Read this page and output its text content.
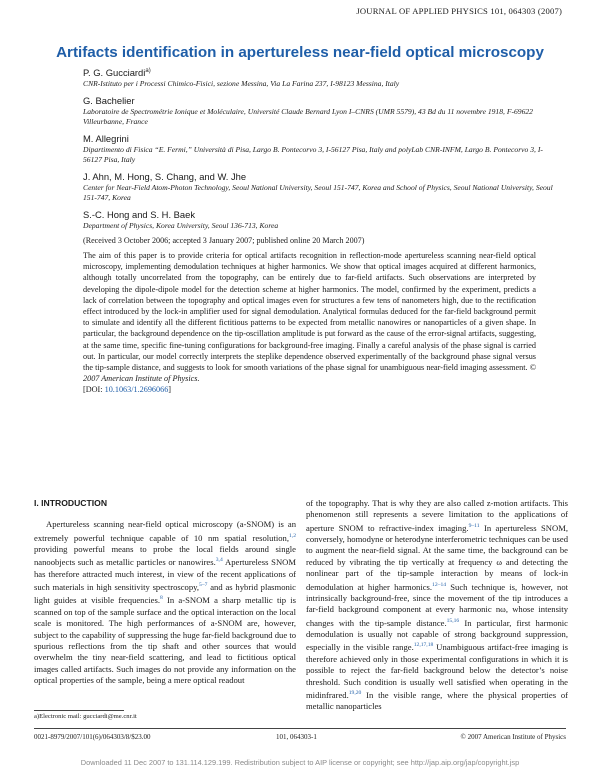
JOURNAL OF APPLIED PHYSICS 101, 064303 (2007)
Artifacts identification in apertureless near-field optical microscopy
P. G. Gucciardi$^{a)}$
CNR-Istituto per i Processi Chimico-Fisici, sezione Messina, Via La Farina 237, I-98123 Messina, Italy
G. Bachelier
Laboratoire de Spectrométrie Ionique et Moléculaire, Université Claude Bernard Lyon I–CNRS (UMR 5579), 43 Bd du 11 novembre 1918, F-69622 Villeurbanne, France
M. Allegrini
Dipartimento di Fisica “E. Fermi,” Università di Pisa, Largo B. Pontecorvo 3, I-56127 Pisa, Italy and polyLab CNR-INFM, Largo B. Pontecorvo 3, I-56127 Pisa, Italy
J. Ahn, M. Hong, S. Chang, and W. Jhe
Center for Near-Field Atom-Photon Technology, Seoul National University, Seoul 151-747, Korea and School of Physics, Seoul National University, Seoul 151-747, Korea
S.-C. Hong and S. H. Baek
Department of Physics, Korea University, Seoul 136-713, Korea
(Received 3 October 2006; accepted 3 January 2007; published online 20 March 2007)

The aim of this paper is to provide criteria for optical artifacts recognition in reflection-mode apertureless scanning near-field optical microscopy, implementing demodulation techniques at higher harmonics. We show that optical images acquired at different harmonics, although totally uncorrelated from the topography, can be entirely due to far-field artifacts. Such observations are interpreted by developing the dipole-dipole model for the detection scheme at higher harmonics. The model, confirmed by the experiment, predicts a lack of correlation between the topography and optical images even for structures a few tens of nanometers high, due to the rectification effect introduced by the lock-in amplifier used for signal demodulation. Analytical formulas deduced for the far-field background permit to simulate and identify all the different fictitious patterns to be expected from metallic nanowires or nanoparticles of a given shape. In particular, the background dependence on the tip-oscillation amplitude is put forward as the cause of the error-signal artifacts, suggesting, at the same time, specific fine-tuning configurations for background-free imaging. Finally a careful analysis of the phase signal is carried out. In particular, our model correctly interprets the steplike dependence observed experimentally of the background phase signal versus the tip-sample distance, and suggests to look for smooth variations of the phase signal for unambiguous near-field imaging assessment. © 2007 American Institute of Physics.

[DOI: 10.1063/1.2696066]
I. INTRODUCTION

Apertureless scanning near-field optical microscopy (a-SNOM) is an extremely powerful technique capable of 10 nm spatial resolution,$^{1,2}$ providing powerful means to probe the local fields around single nanoobjects such as metallic particles or nanowires.$^{3,4}$ Apertureless SNOM has therefore attracted much interest, in view of the recent applications of such materials in high sensitivity spectroscopy,$^{5-7}$ and as hybrid plasmonic light guides at visible frequencies.$^8$ In a-SNOM a sharp metallic tip is scanned on top of the sample surface and the optical interaction on the local scale is monitored. The high performances of a-SNOM are, however, subject to the capability of suppressing the huge far-field background due to spurious reflections from the tip shaft and other sources that would overwhelm the tiny near-field scattering, and lead to fictitious optical images called artifacts. Such images do not provide any information on the optical properties of the sample, being a mere optical readout

of the topography. That is why they are also called z-motion artifacts. This phenomenon still represents a severe limitation to the applications of aperture SNOM to refractive-index imaging.$^{9-11}$ In apertureless SNOM, conversely, homodyne or heterodyne interferometric techniques can be used to augment the near-field signal. At the same time, the background can be reduced by vibrating the tip vertically at frequency ω and detecting the nonlinear part of the tip-sample interaction by means of lock-in demodulation at higher harmonics.$^{12-14}$ Such technique is, however, not intrinsically background-free, since the movement of the tip introduces a far-field background component at every harmonic nω, whose intensity changes with the tip-sample distance.$^{15,16}$ In particular, first harmonic demodulation is usually not capable of strong background suppression, especially in the visible range.$^{12,17,18}$ Unambiguous artifact-free imaging is therefore achieved only in those experimental configurations in which it is possible to reject the far-field background below the detector’s noise threshold. Such condition is usually well satisfied when operating in the midinfrared.$^{19,20}$ In the visible range, where the physical properties of metallic nanoparticles

a)Electronic mail: gucciardi@me.cnr.it
0021-8979/2007/101(6)/064303/8/$23.00	101, 064303-1	© 2007 American Institute of Physics
Downloaded 11 Dec 2007 to 131.114.129.199. Redistribution subject to AIP license or copyright; see http://jap.aip.org/jap/copyright.jsp
